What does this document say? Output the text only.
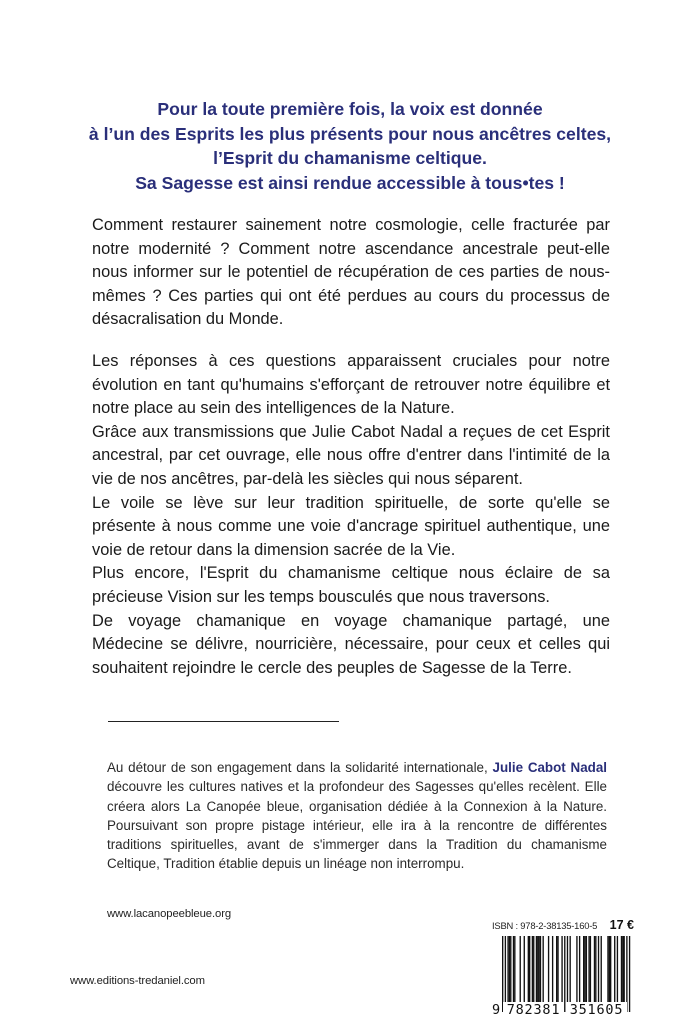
Pour la toute première fois, la voix est donnée
à l’un des Esprits les plus présents pour nous ancêtres celtes,
l’Esprit du chamanisme celtique.
Sa Sagesse est ainsi rendue accessible à tous•tes !

Comment restaurer sainement notre cosmologie, celle fracturée par notre modernité ? Comment notre ascendance ancestrale peut-elle nous informer sur le potentiel de récupération de ces parties de nous-mêmes ? Ces parties qui ont été perdues au cours du processus de désacralisation du Monde.

Les réponses à ces questions apparaissent cruciales pour notre évolution en tant qu'humains s'efforçant de retrouver notre équilibre et notre place au sein des intelligences de la Nature.

Grâce aux transmissions que Julie Cabot Nadal a reçues de cet Esprit ancestral, par cet ouvrage, elle nous offre d'entrer dans l'intimité de la vie de nos ancêtres, par-delà les siècles qui nous séparent.

Le voile se lève sur leur tradition spirituelle, de sorte qu'elle se présente à nous comme une voie d'ancrage spirituel authentique, une voie de retour dans la dimension sacrée de la Vie.

Plus encore, l'Esprit du chamanisme celtique nous éclaire de sa précieuse Vision sur les temps bousculés que nous traversons.

De voyage chamanique en voyage chamanique partagé, une Médecine se délivre, nourricière, nécessaire, pour ceux et celles qui souhaitent rejoindre le cercle des peuples de Sagesse de la Terre.

Au détour de son engagement dans la solidarité internationale, Julie Cabot Nadal découvre les cultures natives et la profondeur des Sagesses qu'elles recèlent. Elle créera alors La Canopée bleue, organisation dédiée à la Connexion à la Nature. Poursuivant son propre pistage intérieur, elle ira à la rencontre de différentes traditions spirituelles, avant de s'immerger dans la Tradition du chamanisme Celtique, Tradition établie depuis un linéage non interrompu.
www.lacanopeebleue.org
www.editions-tredaniel.com
ISBN : 978-2-38135-160-5 17 €
9 782381 351605
